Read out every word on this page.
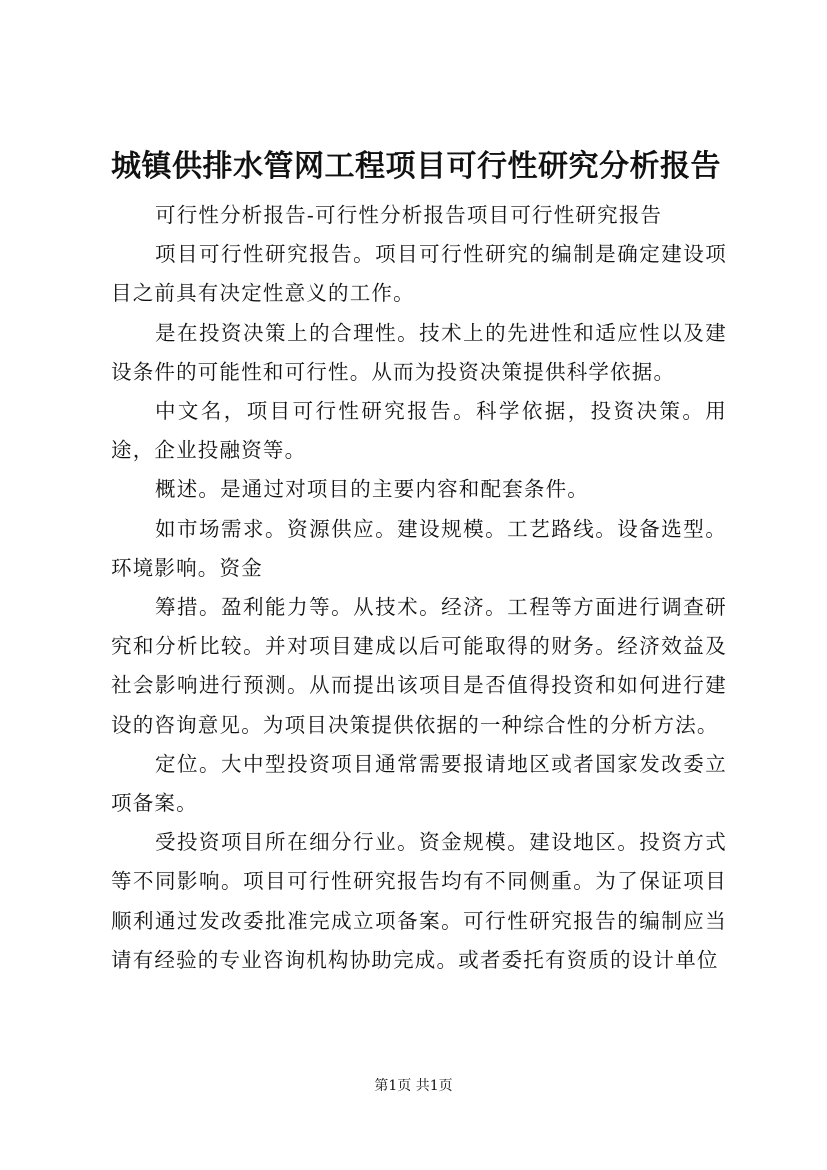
城镇供排水管网工程项目可行性研究分析报告

可行性分析报告-可行性分析报告项目可行性研究报告

项目可行性研究报告。项目可行性研究的编制是确定建设项目之前具有决定性意义的工作。

是在投资决策上的合理性。技术上的先进性和适应性以及建设条件的可能性和可行性。从而为投资决策提供科学依据。

中文名，项目可行性研究报告。科学依据，投资决策。用途，企业投融资等。

概述。是通过对项目的主要内容和配套条件。

如市场需求。资源供应。建设规模。工艺路线。设备选型。环境影响。资金

筹措。盈利能力等。从技术。经济。工程等方面进行调查研究和分析比较。并对项目建成以后可能取得的财务。经济效益及社会影响进行预测。从而提出该项目是否值得投资和如何进行建设的咨询意见。为项目决策提供依据的一种综合性的分析方法。

定位。大中型投资项目通常需要报请地区或者国家发改委立项备案。

受投资项目所在细分行业。资金规模。建设地区。投资方式等不同影响。项目可行性研究报告均有不同侧重。为了保证项目顺利通过发改委批准完成立项备案。可行性研究报告的编制应当请有经验的专业咨询机构协助完成。或者委托有资质的设计单位

第1页 共1页
